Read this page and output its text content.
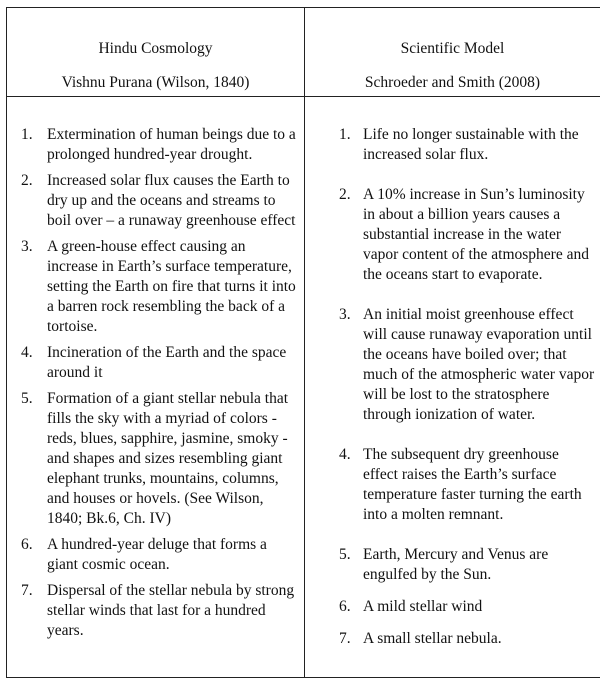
Hindu Cosmology

Vishnu Purana (Wilson, 1840)

Scientific Model

Schroeder and Smith (2008)

1. Extermination of human beings due to a prolonged hundred-year drought.
2. Increased solar flux causes the Earth to dry up and the oceans and streams to boil over – a runaway greenhouse effect
3. A green-house effect causing an increase in Earth’s surface temperature, setting the Earth on fire that turns it into a barren rock resembling the back of a tortoise.
4. Incineration of the Earth and the space around it
5. Formation of a giant stellar nebula that fills the sky with a myriad of colors - reds, blues, sapphire, jasmine, smoky - and shapes and sizes resembling giant elephant trunks, mountains, columns, and houses or hovels. (See Wilson, 1840; Bk.6, Ch. IV)
6. A hundred-year deluge that forms a giant cosmic ocean.
7. Dispersal of the stellar nebula by strong stellar winds that last for a hundred years.
1. Life no longer sustainable with the increased solar flux.
2. A 10% increase in Sun’s luminosity in about a billion years causes a substantial increase in the water vapor content of the atmosphere and the oceans start to evaporate.
3. An initial moist greenhouse effect will cause runaway evaporation until the oceans have boiled over; that much of the atmospheric water vapor will be lost to the stratosphere through ionization of water.
4. The subsequent dry greenhouse effect raises the Earth’s surface temperature faster turning the earth into a molten remnant.
5. Earth, Mercury and Venus are engulfed by the Sun.
6. A mild stellar wind
7. A small stellar nebula.
